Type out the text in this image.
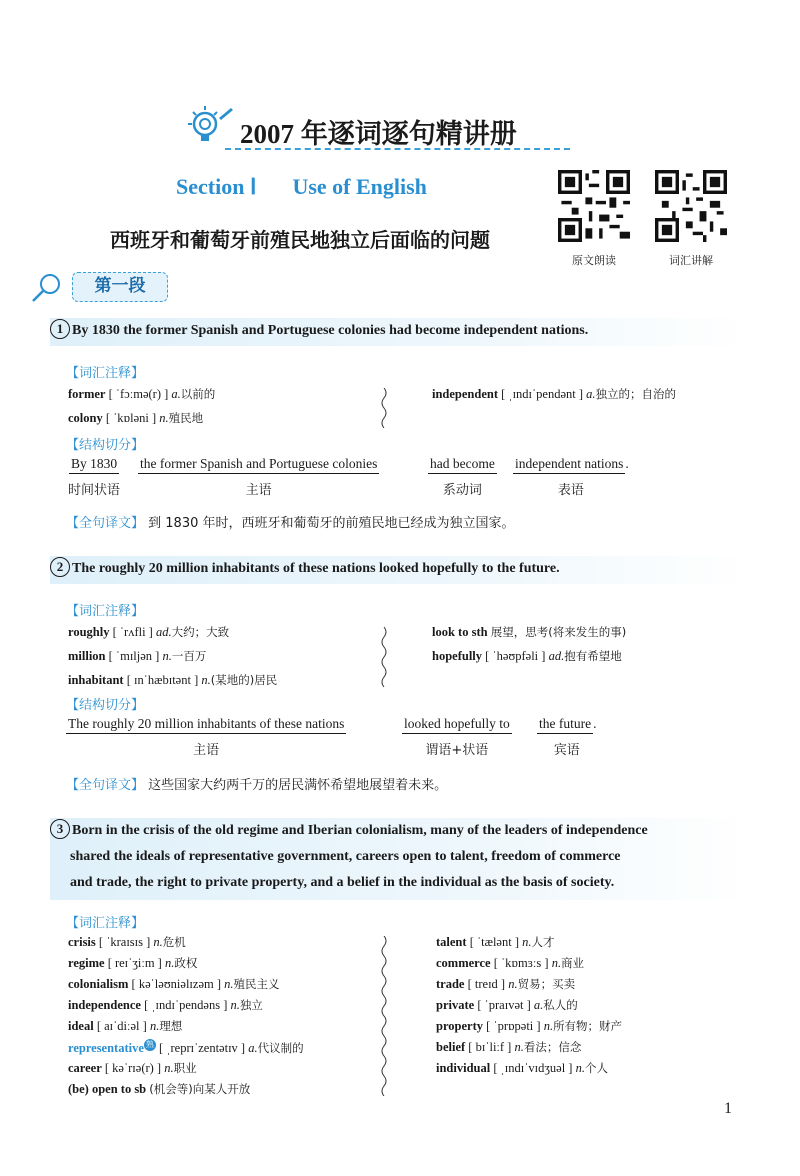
2007 年逐词逐句精讲册
Section Ⅰ Use of English
西班牙和葡萄牙前殖民地独立后面临的问题
原文朗读	词汇讲解
第一段
1 By 1830 the former Spanish and Portuguese colonies had become independent nations.
【词汇注释】
former [ ˈfɔːmə(r) ] a.以前的
colony [ ˈkɒləni ] n.殖民地
independent [ ˌɪndɪˈpendənt ] a.独立的；自治的
【结构切分】
By 1830
时间状语
the former Spanish and Portuguese colonies
主语
had become
系动词
independent nations .
表语
【全句译文】 到 1830 年时，西班牙和葡萄牙的前殖民地已经成为独立国家。
2 The roughly 20 million inhabitants of these nations looked hopefully to the future.
【词汇注释】
roughly [ ˈrʌfli ] ad.大约；大致
million [ ˈmɪljən ] n.一百万
inhabitant [ ɪnˈhæbɪtənt ] n.(某地的)居民
look to sth 展望，思考(将来发生的事)
hopefully [ ˈhəʊpfəli ] ad.抱有希望地
【结构切分】
The roughly 20 million inhabitants of these nations
主语
looked hopefully to
谓语+状语
the future .
宾语
【全句译文】 这些国家大约两千万的居民满怀希望地展望着未来。
3 Born in the crisis of the old regime and Iberian colonialism, many of the leaders of independence
shared the ideals of representative government, careers open to talent, freedom of commerce
and trade, the right to private property, and a belief in the individual as the basis of society.
【词汇注释】
crisis [ ˈkraɪsɪs ] n.危机
regime [ reɪˈʒiːm ] n.政权
colonialism [ kəˈləʊniəlɪzəm ] n.殖民主义
independence [ ˌɪndɪˈpendəns ] n.独立
ideal [ aɪˈdiːəl ] n.理想
representative $^熟$ [ ˌreprɪˈzentətɪv ] a.代议制的
career [ kəˈrɪə(r) ] n.职业
(be) open to sb (机会等)向某人开放
talent [ ˈtælənt ] n.人才
commerce [ ˈkɒmɜːs ] n.商业
trade [ treɪd ] n.贸易；买卖
private [ ˈpraɪvət ] a.私人的
property [ ˈprɒpəti ] n.所有物；财产
belief [ bɪˈliːf ] n.看法；信念
individual [ ˌɪndɪˈvɪdʒuəl ] n.个人
1
